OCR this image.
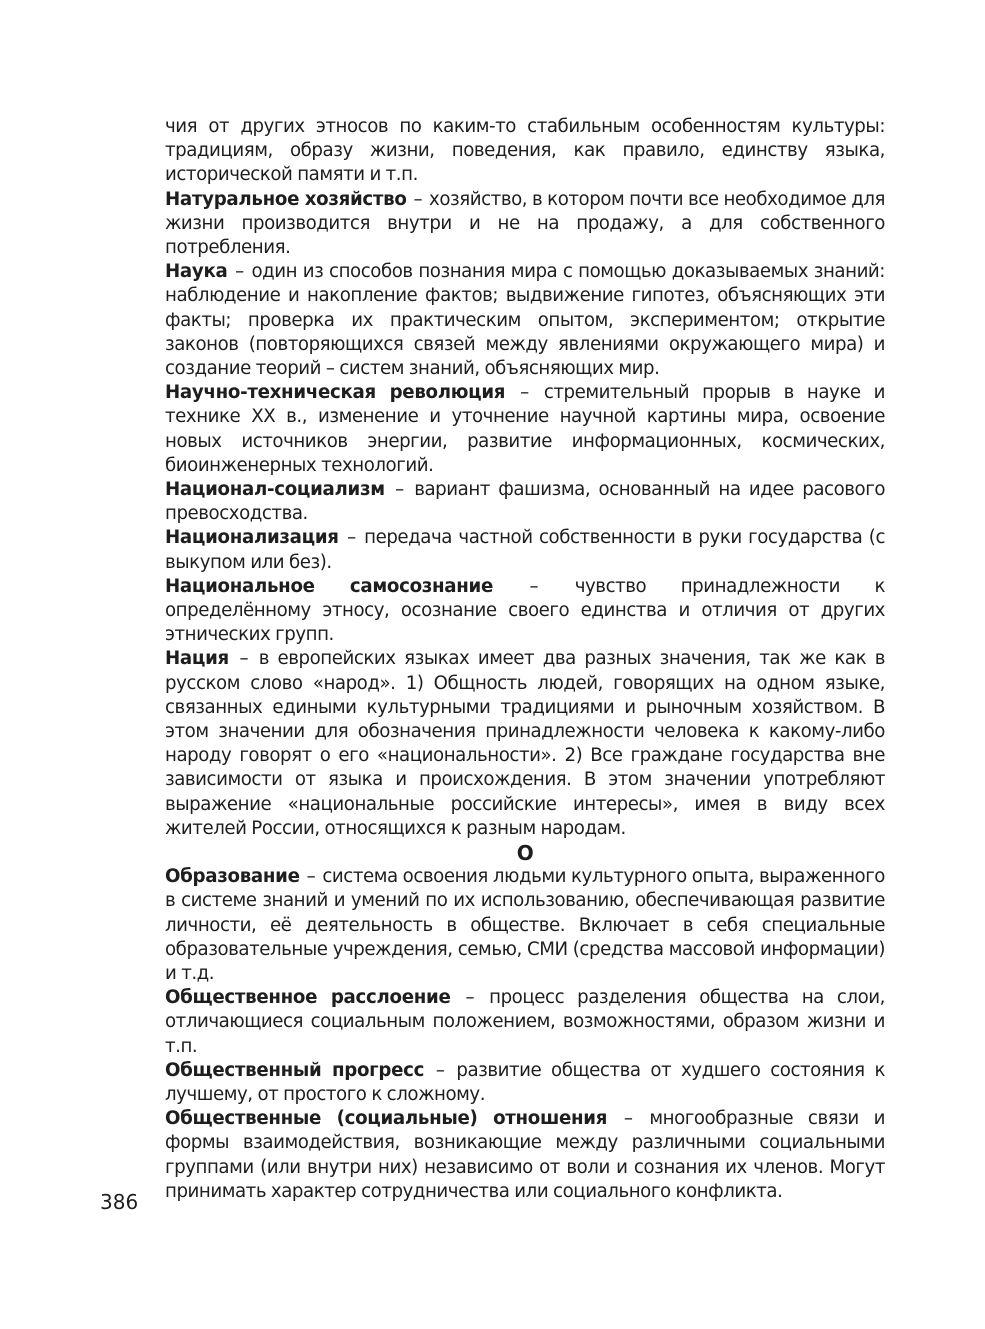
чия от других этносов по каким-то стабильным особенностям культуры: традициям, образу жизни, поведения, как правило, единству языка, исторической памяти и т.п.

Натуральное хозяйство – хозяйство, в котором почти все необходимое для жизни производится внутри и не на продажу, а для собственного потребления.

Наука – один из способов познания мира с помощью доказываемых знаний: наблюдение и накопление фактов; выдвижение гипотез, объясняющих эти факты; проверка их практическим опытом, экспериментом; открытие законов (повторяющихся связей между явлениями окружающего мира) и создание теорий – систем знаний, объясняющих мир.

Научно-техническая революция – стремительный прорыв в науке и технике XX в., изменение и уточнение научной картины мира, освоение новых источников энергии, развитие информационных, космических, биоинженерных технологий.

Национал-социализм – вариант фашизма, основанный на идее расового превосходства.

Национализация – передача частной собственности в руки государства (с выкупом или без).

Национальное самосознание – чувство принадлежности к определённому этносу, осознание своего единства и отличия от других этнических групп.

Нация – в европейских языках имеет два разных значения, так же как в русском слово «народ». 1) Общность людей, говорящих на одном языке, связанных едиными культурными традициями и рыночным хозяйством. В этом значении для обозначения принадлежности человека к какому-либо народу говорят о его «национальности». 2) Все граждане государства вне зависимости от языка и происхождения. В этом значении употребляют выражение «национальные российские интересы», имея в виду всех жителей России, относящихся к разным народам.

О

Образование – система освоения людьми культурного опыта, выраженного в системе знаний и умений по их использованию, обеспечивающая развитие личности, её деятельность в обществе. Включает в себя специальные образовательные учреждения, семью, СМИ (средства массовой информации) и т.д.

Общественное расслоение – процесс разделения общества на слои, отличающиеся социальным положением, возможностями, образом жизни и т.п.

Общественный прогресс – развитие общества от худшего состояния к лучшему, от простого к сложному.

Общественные (социальные) отношения – многообразные связи и формы взаимодействия, возникающие между различными социальными группами (или внутри них) независимо от воли и сознания их членов. Могут принимать характер сотрудничества или социального конфликта.

386
